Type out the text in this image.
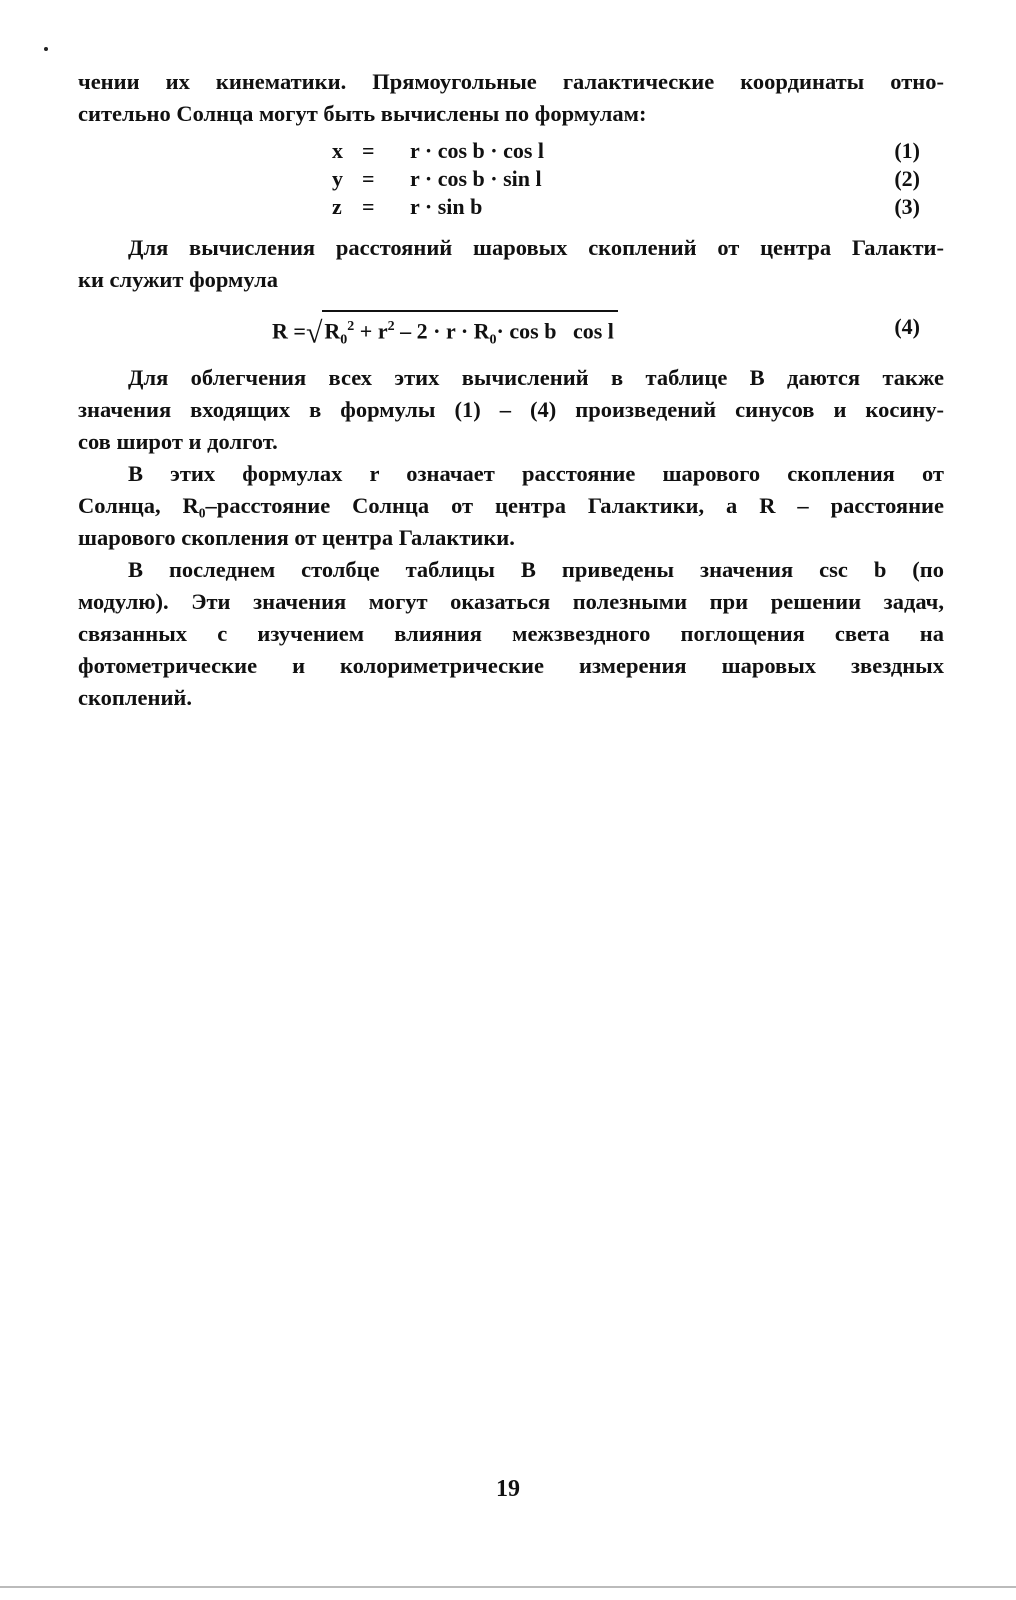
чении их кинематики. Прямоугольные галактические координаты отно-
сительно Солнца могут быть вычислены по формулам:
x =	r · cos b · cos l	(1)
y =	r · cos b · sin l	(2)
z =	r · sin b	(3)
Для вычисления расстояний шаровых скоплений от центра Галакти-
ки служит формула
$R =√R_0^2 + r^2 - 2 \cdot r \cdot R_0\cdot \cos b$   cos l	(4)
Для облегчения всех этих вычислений в таблице B даются также
значения входящих в формулы (1) – (4) произведений синусов и косину-
сов широт и долгот.
В этих формулах r означает расстояние шарового скопления от
Солнца, R₀–расстояние Солнца от центра Галактики, а R – расстояние
шарового скопления от центра Галактики.
В последнем столбце таблицы B приведены значения csc b (по
модулю). Эти значения могут оказаться полезными при решении задач,
связанных с изучением влияния межзвездного поглощения света на
фотометрические и колориметрические измерения шаровых звездных
скоплений.
19
